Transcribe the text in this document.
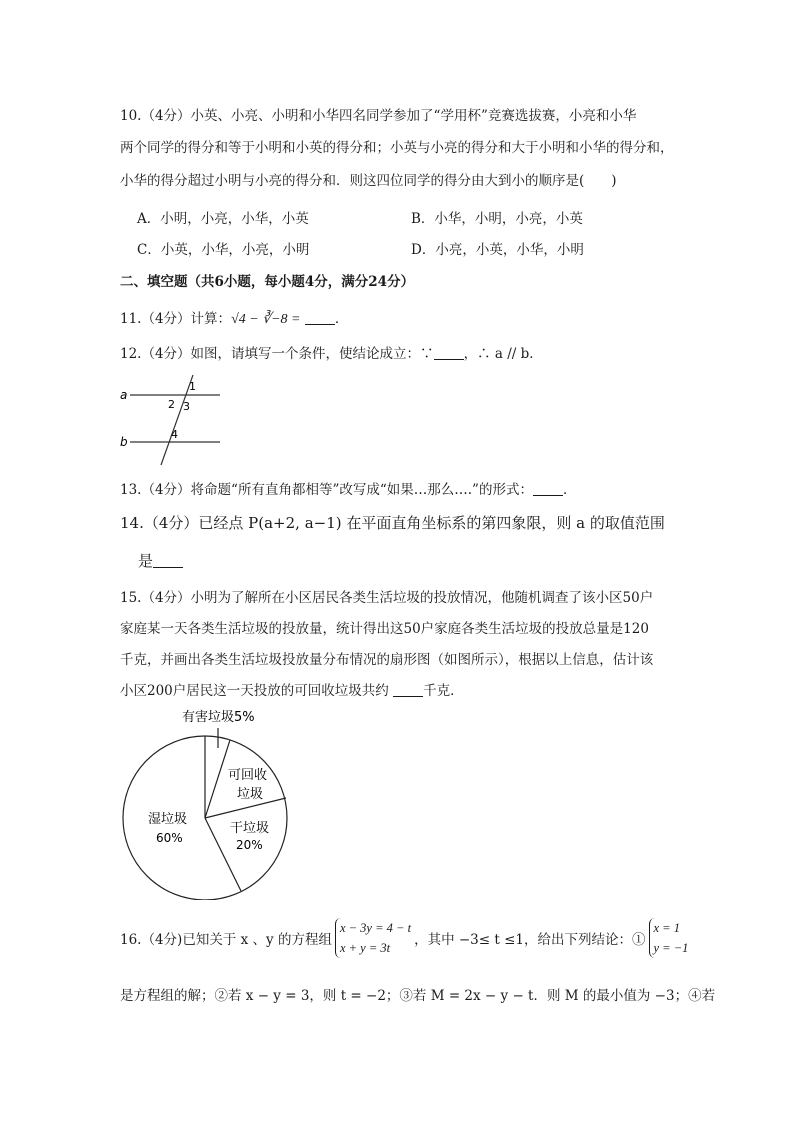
10.（4分）小英、小亮、小明和小华四名同学参加了“学用杯”竞赛选拔赛，小亮和小华
两个同学的得分和等于小明和小英的得分和；小英与小亮的得分和大于小明和小华的得分和，
小华的得分超过小明与小亮的得分和．则这四位同学的得分由大到小的顺序是(　　)
A．小明，小亮，小华，小英	B．小华，小明，小亮，小英
C．小英，小华，小亮，小明	D．小亮，小英，小华，小明
二、填空题（共6小题，每小题4分，满分24分）
11.（4分）计算：√4 − ∛−8 =	．
12.（4分）如图，请填写一个条件，使结论成立：∵ ，∴ a // b．
a
b
1
2 3
4
13.（4分）将命题“所有直角都相等”改写成“如果…那么….”的形式： ．
14.（4分）已经点 P(a+2, a−1) 在平面直角坐标系的第四象限，则 a 的取值范围
是
15.（4分）小明为了解所在小区居民各类生活垃圾的投放情况，他随机调查了该小区50户
家庭某一天各类生活垃圾的投放量，统计得出这50户家庭各类生活垃圾的投放总量是120
千克，并画出各类生活垃圾投放量分布情况的扇形图（如图所示），根据以上信息，估计该
小区200户居民这一天投放的可回收垃圾共约	千克．
有害垃圾5%
可回收
垃圾
干垃圾
20%
湿垃圾
60%
16.（4分)已知关于 x 、y 的方程组
x − 3y = 4 − t
x + y = 3t	，其中 −3≤ t ≤1，给出下列结论：①
x = 1
y = −1
是方程组的解；②若 x − y = 3，则 t = −2；③若 M = 2x − y − t．则 M 的最小值为 −3；④若
